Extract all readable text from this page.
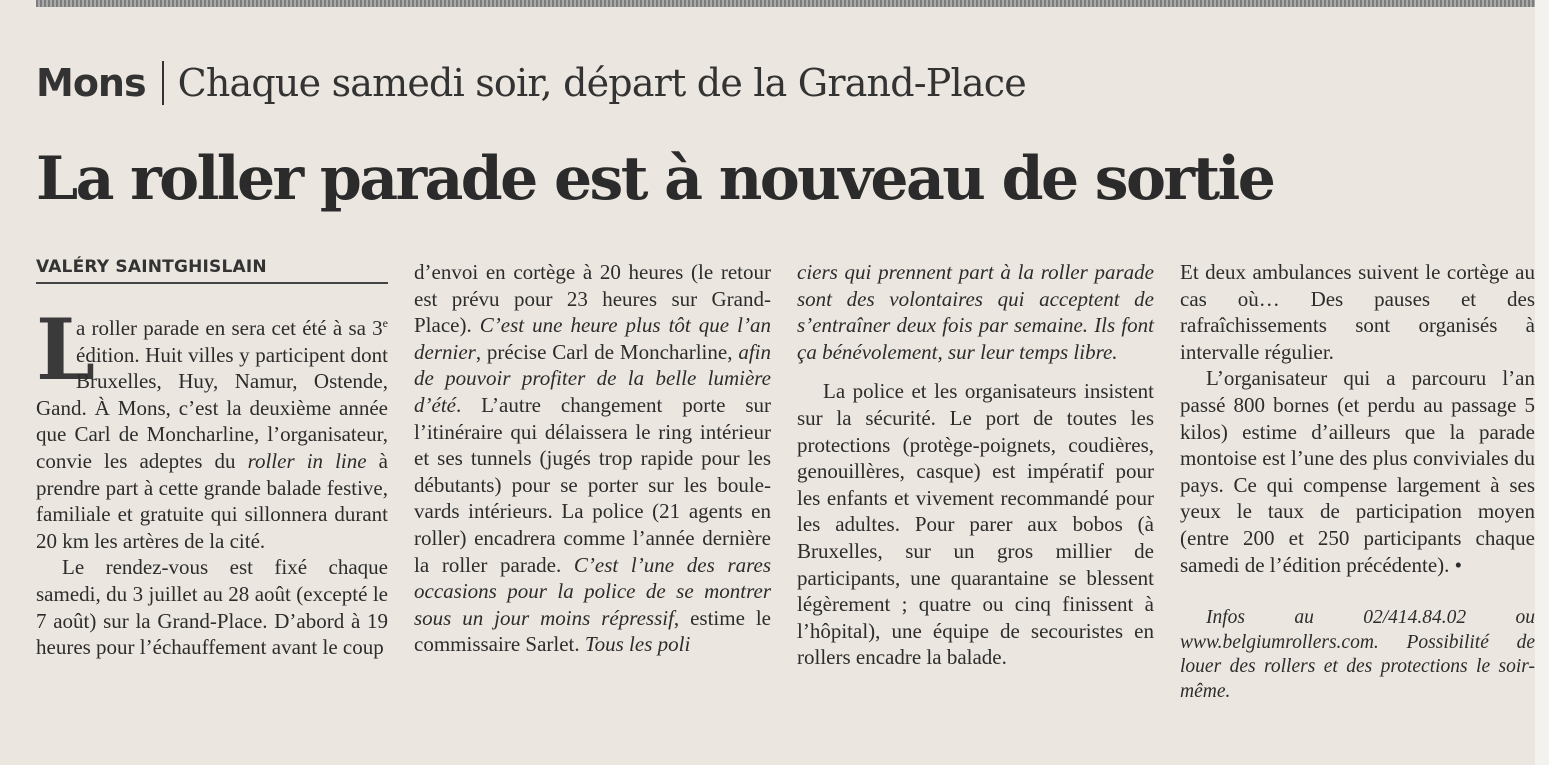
Mons Chaque samedi soir, départ de la Grand-Place
La roller parade est à nouveau de sortie
VALÉRY SAINTGHISLAIN

L
a roller parade en sera cet été à sa 3e édition. Huit villes y participent dont Bruxelles, Huy, Namur, Ostende, Gand. À Mons, c’est la deuxième année que Carl de Moncharline, l’organisateur, convie les adeptes du roller in line à prendre part à cette grande balade festive, familiale et gratuite qui sillonnera durant 20 km les artères de la cité.

Le rendez-vous est fixé chaque samedi, du 3 juillet au 28 août (excepté le 7 août) sur la Grand-Place. D’abord à 19 heures pour l’échauffement avant le coup

d’envoi en cortège à 20 heures (le retour est prévu pour 23 heures sur Grand-Place). C’est une heure plus tôt que l’an dernier, précise Carl de Moncharline, afin de pouvoir profiter de la belle lumière d’été. L’autre changement porte sur l’itinéraire qui délaissera le ring intérieur et ses tunnels (jugés trop rapide pour les débutants) pour se porter sur les boulevards intérieurs. La police (21 agents en roller) encadrera comme l’année dernière la roller parade. C’est l’une des rares occasions pour la police de se montrer sous un jour moins répressif, estime le commissaire Sarlet. Tous les poli

ciers qui prennent part à la roller parade sont des volontaires qui acceptent de s’entraîner deux fois par semaine. Ils font ça bénévolement, sur leur temps libre.

La police et les organisateurs insistent sur la sécurité. Le port de toutes les protections (protège-poignets, coudières, genouillères, casque) est impératif pour les enfants et vivement recommandé pour les adultes. Pour parer aux bobos (à Bruxelles, sur un gros millier de participants, une quarantaine se blessent légèrement ; quatre ou cinq finissent à l’hôpital), une équipe de secouristes en rollers encadre la balade.

Et deux ambulances suivent le cortège au cas où… Des pauses et des rafraîchissements sont organisés à intervalle régulier.

L’organisateur qui a parcouru l’an passé 800 bornes (et perdu au passage 5 kilos) estime d’ailleurs que la parade montoise est l’une des plus conviviales du pays. Ce qui compense largement à ses yeux le taux de participation moyen (entre 200 et 250 participants chaque samedi de l’édition précédente). •

Infos au 02/414.84.02 ou www.belgiumrollers.com. Possibilité de louer des rollers et des protections le soir-même.
